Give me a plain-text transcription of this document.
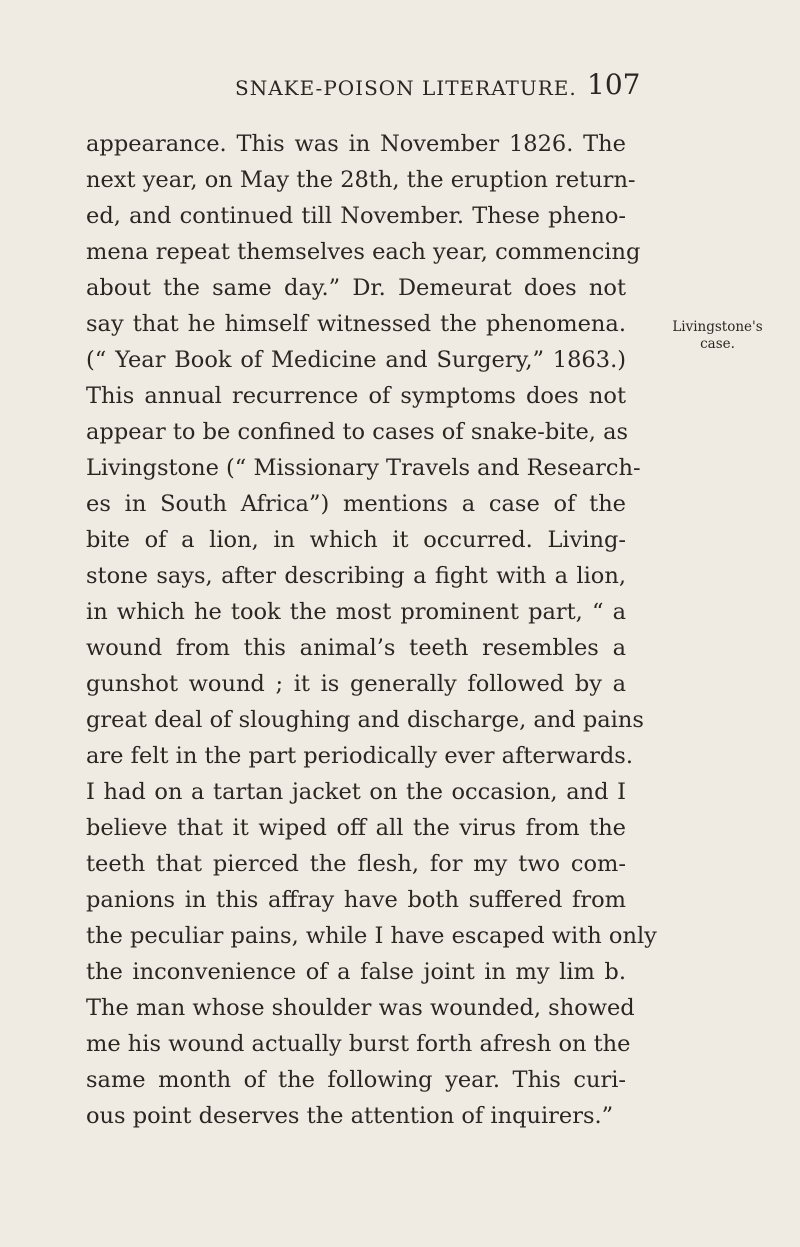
SNAKE-POISON LITERATURE. 107
appearance. This was in November 1826. The
next year, on May the 28th, the eruption return-
ed, and continued till November. These pheno-
mena repeat themselves each year, commencing
about the same day.” Dr. Demeurat does not
say that he himself witnessed the phenomena.
(“ Year Book of Medicine and Surgery,” 1863.)
This annual recurrence of symptoms does not
appear to be confined to cases of snake-bite, as
Livingstone (“ Missionary Travels and Research-
es in South Africa”) mentions a case of the
bite of a lion, in which it occurred. Living-
stone says, after describing a fight with a lion,
in which he took the most prominent part, “ a
wound from this animal’s teeth resembles a
gunshot wound ; it is generally followed by a
great deal of sloughing and discharge, and pains
are felt in the part periodically ever afterwards.
I had on a tartan jacket on the occasion, and I
believe that it wiped off all the virus from the
teeth that pierced the flesh, for my two com-
panions in this affray have both suffered from
the peculiar pains, while I have escaped with only
the inconvenience of a false joint in my lim b.
The man whose shoulder was wounded, showed
me his wound actually burst forth afresh on the
same month of the following year. This curi-
ous point deserves the attention of inquirers.”
Livingstone's
case.
